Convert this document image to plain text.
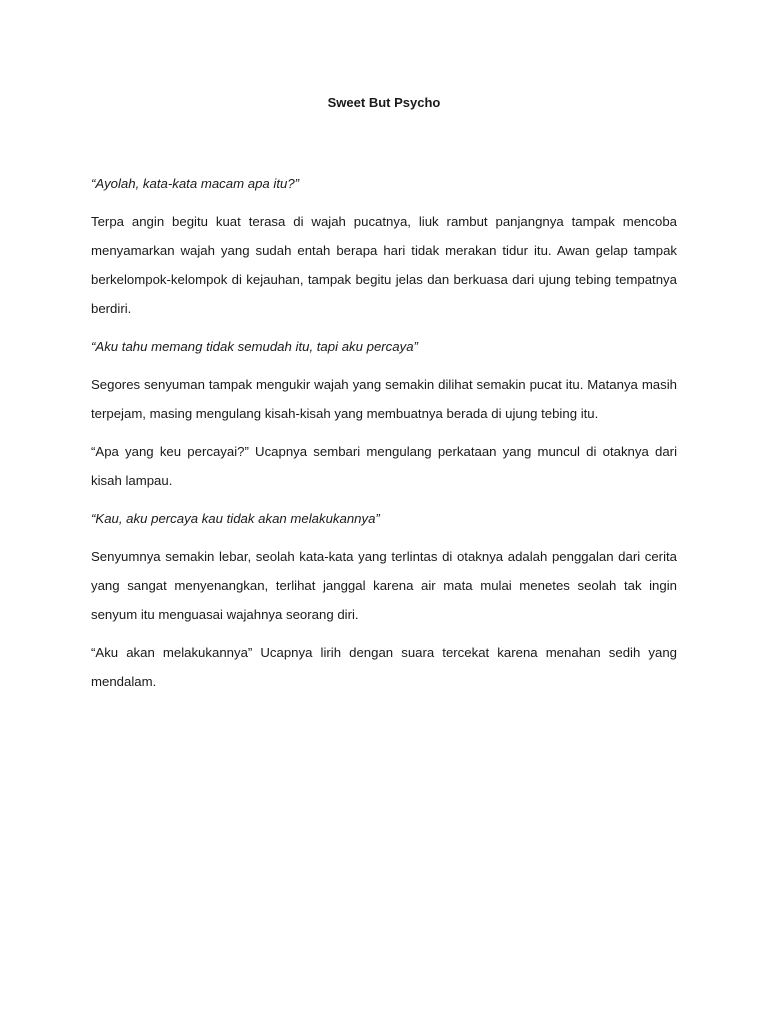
Sweet But Psycho

“Ayolah, kata-kata macam apa itu?”

Terpa angin begitu kuat terasa di wajah pucatnya, liuk rambut panjangnya tampak mencoba menyamarkan wajah yang sudah entah berapa hari tidak merakan tidur itu. Awan gelap tampak berkelompok-kelompok di kejauhan, tampak begitu jelas dan berkuasa dari ujung tebing tempatnya berdiri.

“Aku tahu memang tidak semudah itu, tapi aku percaya”

Segores senyuman tampak mengukir wajah yang semakin dilihat semakin pucat itu. Matanya masih terpejam, masing mengulang kisah-kisah yang membuatnya berada di ujung tebing itu.

“Apa yang keu percayai?” Ucapnya sembari mengulang perkataan yang muncul di otaknya dari kisah lampau.

“Kau, aku percaya kau tidak akan melakukannya”

Senyumnya semakin lebar, seolah kata-kata yang terlintas di otaknya adalah penggalan dari cerita yang sangat menyenangkan, terlihat janggal karena air mata mulai menetes seolah tak ingin senyum itu menguasai wajahnya seorang diri.

“Aku akan melakukannya” Ucapnya lirih dengan suara tercekat karena menahan sedih yang mendalam.
